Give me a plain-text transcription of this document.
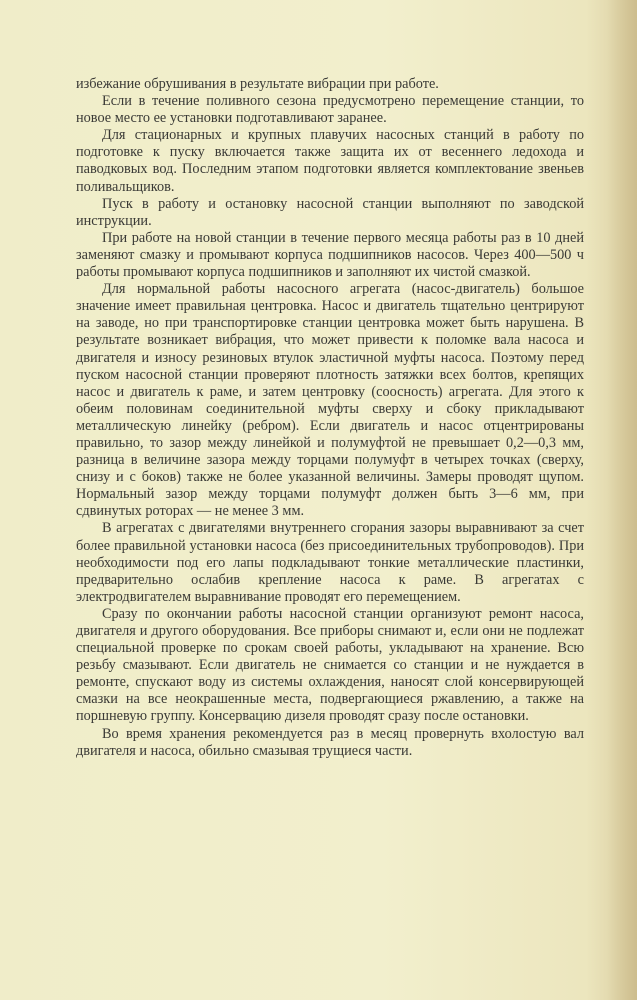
избежание обрушивания в результате вибрации при работе.

Если в течение поливного сезона предусмотрено перемещение станции, то новое место ее установки подготавливают заранее.

Для стационарных и крупных плавучих насосных станций в работу по подготовке к пуску включается также защита их от весеннего ледохода и паводковых вод. Последним этапом подготовки является комплектование звеньев поливальщиков.

Пуск в работу и остановку насосной станции выполняют по заводской инструкции.

При работе на новой станции в течение первого месяца работы раз в 10 дней заменяют смазку и промывают корпуса подшипников насосов. Через 400—500 ч работы промывают корпуса подшипников и заполняют их чистой смазкой.

Для нормальной работы насосного агрегата (насос-двигатель) большое значение имеет правильная центровка. Насос и двигатель тщательно центрируют на заводе, но при транспортировке станции центровка может быть нарушена. В результате возникает вибрация, что может привести к поломке вала насоса и двигателя и износу резиновых втулок эластичной муфты насоса. Поэтому перед пуском насосной станции проверяют плотность затяжки всех болтов, крепящих насос и двигатель к раме, и затем центровку (соосность) агрегата. Для этого к обеим половинам соединительной муфты сверху и сбоку прикладывают металлическую линейку (ребром). Если двигатель и насос отцентрированы правильно, то зазор между линейкой и полумуфтой не превышает 0,2—0,3 мм, разница в величине зазора между торцами полумуфт в четырех точках (сверху, снизу и с боков) также не более указанной величины. Замеры проводят щупом. Нормальный зазор между торцами полумуфт должен быть 3—6 мм, при сдвинутых роторах — не менее 3 мм.

В агрегатах с двигателями внутреннего сгорания зазоры выравнивают за счет более правильной установки насоса (без присоединительных трубопроводов). При необходимости под его лапы подкладывают тонкие металлические пластинки, предварительно ослабив крепление насоса к раме. В агрегатах с электродвигателем выравнивание проводят его перемещением.

Сразу по окончании работы насосной станции организуют ремонт насоса, двигателя и другого оборудования. Все приборы снимают и, если они не подлежат специальной проверке по срокам своей работы, укладывают на хранение. Всю резьбу смазывают. Если двигатель не снимается со станции и не нуждается в ремонте, спускают воду из системы охлаждения, наносят слой консервирующей смазки на все неокрашенные места, подвергающиеся ржавлению, а также на поршневую группу. Консервацию дизеля проводят сразу после остановки.

Во время хранения рекомендуется раз в месяц провернуть вхолостую вал двигателя и насоса, обильно смазывая трущиеся части.
